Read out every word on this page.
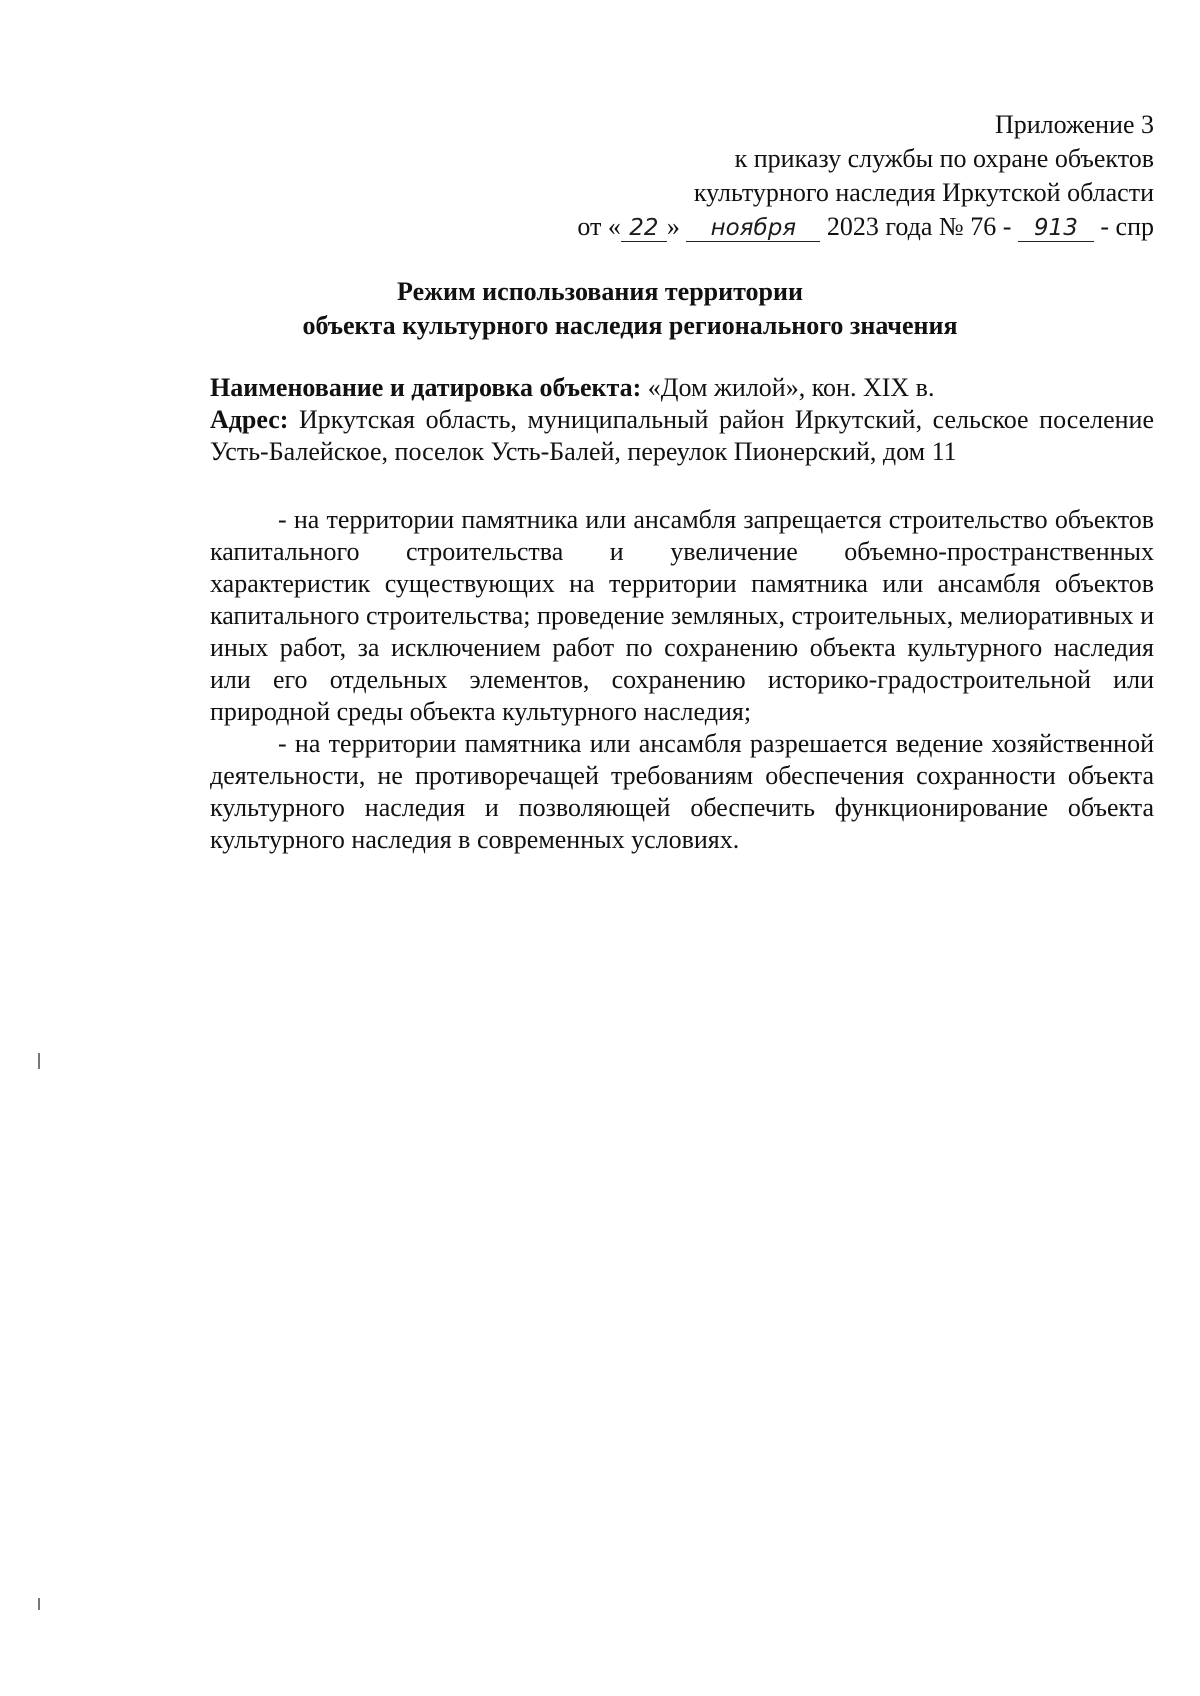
Приложение 3
к приказу службы по охране объектов
культурного наследия Иркутской области
от « 22 » ноября 2023 года № 76 - 913 - спр
Режим использования территории
объекта культурного наследия регионального значения

Наименование и датировка объекта: «Дом жилой», кон. XIX в.

Адрес: Иркутская область, муниципальный район Иркутский, сельское поселение Усть-Балейское, поселок Усть-Балей, переулок Пионерский, дом 11

- на территории памятника или ансамбля запрещается строительство объектов капитального строительства и увеличение объемно-пространственных характеристик существующих на территории памятника или ансамбля объектов капитального строительства; проведение земляных, строительных, мелиоративных и иных работ, за исключением работ по сохранению объекта культурного наследия или его отдельных элементов, сохранению историко-градостроительной или природной среды объекта культурного наследия;

- на территории памятника или ансамбля разрешается ведение хозяйственной деятельности, не противоречащей требованиям обеспечения сохранности объекта культурного наследия и позволяющей обеспечить функционирование объекта культурного наследия в современных условиях.
